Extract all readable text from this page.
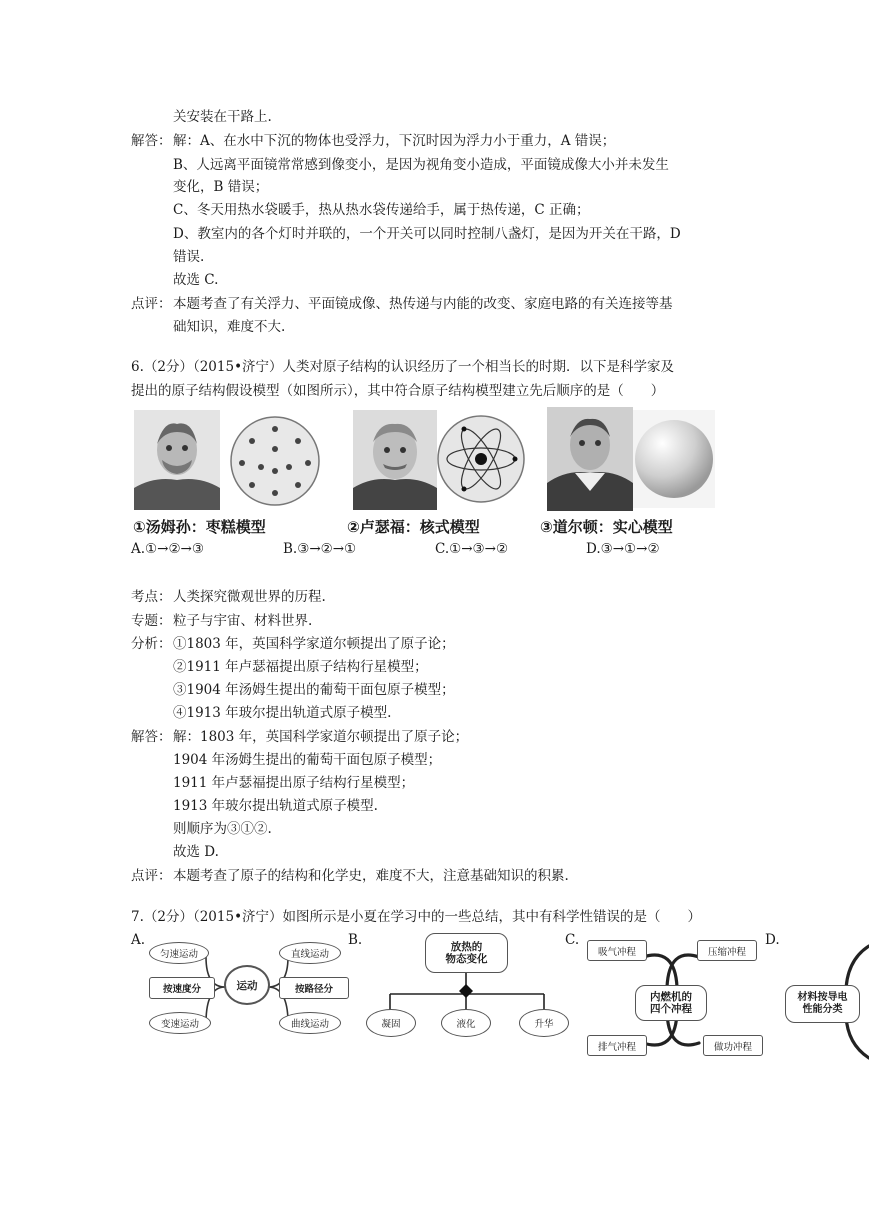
关安装在干路上.
解答： 解：A、在水中下沉的物体也受浮力，下沉时因为浮力小于重力，A 错误；
B、人远离平面镜常常感到像变小，是因为视角变小造成，平面镜成像大小并未发生
变化，B 错误；
C、冬天用热水袋暖手，热从热水袋传递给手，属于热传递，C 正确；
D、教室内的各个灯时并联的，一个开关可以同时控制八盏灯，是因为开关在干路，D
错误.
故选 C.
点评： 本题考查了有关浮力、平面镜成像、热传递与内能的改变、家庭电路的有关连接等基
础知识，难度不大.
6.（2分）（2015•济宁）人类对原子结构的认识经历了一个相当长的时期．以下是科学家及
提出的原子结构假设模型（如图所示），其中符合原子结构模型建立先后顺序的是（　　）
①汤姆孙：枣糕模型	②卢瑟福：核式模型	③道尔顿：实心模型
A.①→②→③	B.③→②→①	C.①→③→②	D.③→①→②
考点： 人类探究微观世界的历程.
专题： 粒子与宇宙、材料世界.
分析： ①1803 年，英国科学家道尔顿提出了原子论；
②1911 年卢瑟福提出原子结构行星模型；
③1904 年汤姆生提出的葡萄干面包原子模型；
④1913 年玻尔提出轨道式原子模型.
解答： 解：1803 年，英国科学家道尔顿提出了原子论；
1904 年汤姆生提出的葡萄干面包原子模型；
1911 年卢瑟福提出原子结构行星模型；
1913 年玻尔提出轨道式原子模型.
则顺序为③①②.
故选 D.
点评： 本题考查了原子的结构和化学史，难度不大，注意基础知识的积累.
7.（2分）（2015•济宁）如图所示是小夏在学习中的一些总结，其中有科学性错误的是（　　）
A.	B.	C.	D.
匀速运动
按速度分
变速运动
运动
直线运动
按路径分
曲线运动
放热的
物态变化
凝固	液化	升华
吸气冲程	压缩冲程
内燃机的
四个冲程
排气冲程	做功冲程
材料按导电
性能分类
